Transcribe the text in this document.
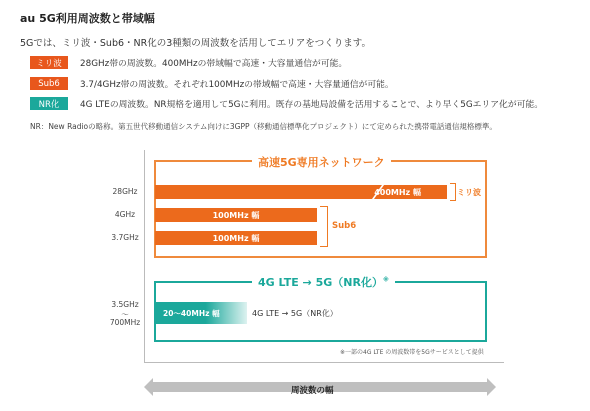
au 5G利用周波数と帯域幅
5Gでは、ミリ波・Sub6・NR化の3種類の周波数を活用してエリアをつくります。
ミリ波	28GHz帯の周波数。400MHzの帯域幅で高速・大容量通信が可能。
Sub6	3.7/4GHz帯の周波数。それぞれ100MHzの帯域幅で高速・大容量通信が可能。
NR化	4G LTEの周波数。NR規格を適用して5Gに利用。既存の基地局設備を活用することで、より早く5Gエリア化が可能。
NR：New Radioの略称。第五世代移動通信システム向けに3GPP（移動通信標準化プロジェクト）にて定められた携帯電話通信規格標準。
28GHz
4GHz
3.7GHz
3.5GHz
～
700MHz
高速5G専用ネットワーク
400MHz 幅	ミリ波
100MHz 幅
100MHz 幅
Sub6
4G LTE → 5G（NR化）※
20～40MHz 幅	4G LTE → 5G（NR化）
※一部の4G LTE の周波数帯を5Gサービスとして提供
周波数の幅
